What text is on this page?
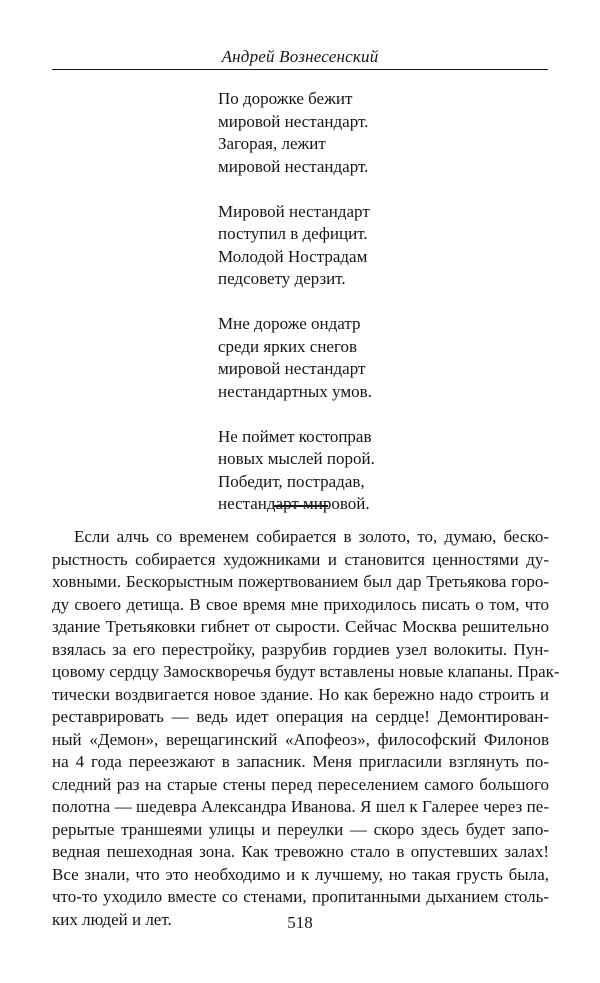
Андрей Вознесенский
По дорожке бежит
мировой нестандарт.
Загорая, лежит
мировой нестандарт.
Мировой нестандарт
поступил в дефицит.
Молодой Нострадам
педсовету дерзит.
Мне дороже ондатр
среди ярких снегов
мировой нестандарт
нестандартных умов.
Не поймет костоправ
новых мыслей порой.
Победит, пострадав,
нестандарт мировой.
Если алчь со временем собирается в золото, то, думаю, беско-
рыстность собирается художниками и становится ценностями ду-
ховными. Бескорыстным пожертвованием был дар Третьякова горо-
ду своего детища. В свое время мне приходилось писать о том, что
здание Третьяковки гибнет от сырости. Сейчас Москва решительно
взялась за его перестройку, разрубив гордиев узел волокиты. Пун-
цовому сердцу Замоскворечья будут вставлены новые клапаны. Прак-
тически воздвигается новое здание. Но как бережно надо строить и
реставрировать — ведь идет операция на сердце! Демонтирован-
ный «Демон», верещагинский «Апофеоз», философский Филонов
на 4 года переезжают в запасник. Меня пригласили взглянуть по-
следний раз на старые стены перед переселением самого большого
полотна — шедевра Александра Иванова. Я шел к Галерее через пе-
рерытые траншеями улицы и переулки — скоро здесь будет запо-
ведная пешеходная зона. Как тревожно стало в опустевших залах!
Все знали, что это необходимо и к лучшему, но такая грусть была,
что-то уходило вместе со стенами, пропитанными дыханием столь-
ких людей и лет.	518
